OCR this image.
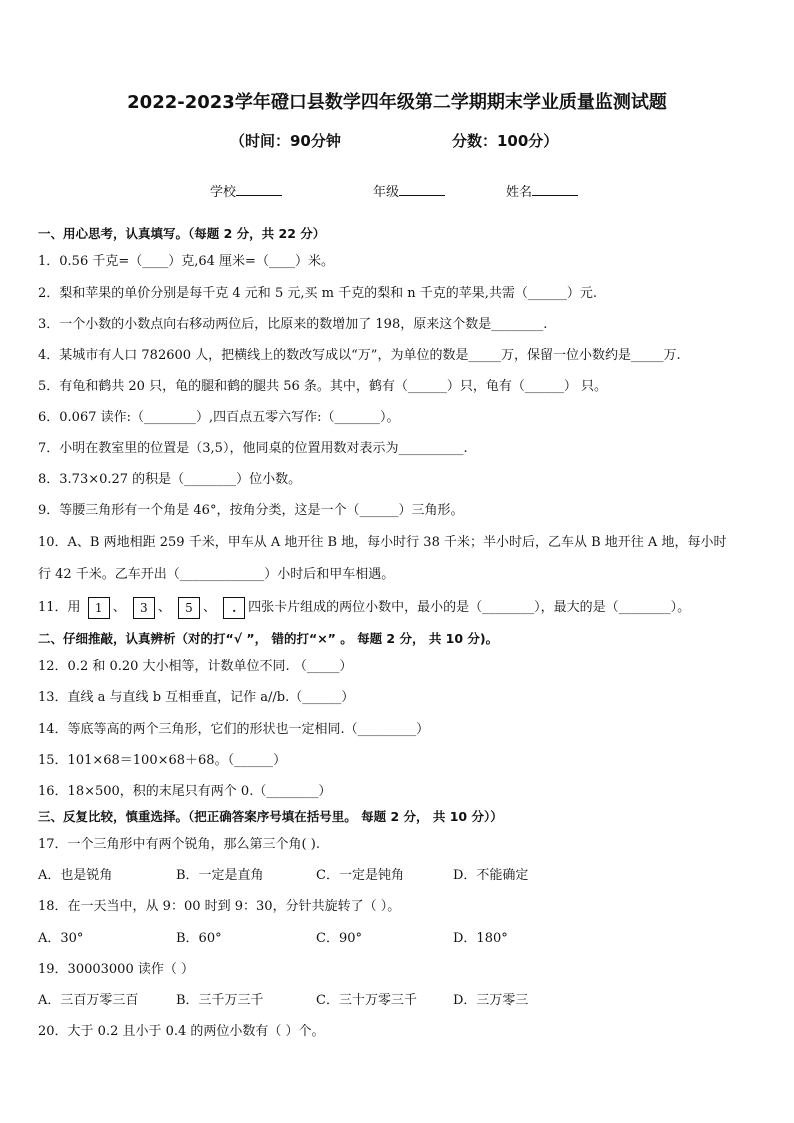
2022-2023学年磴口县数学四年级第二学期期末学业质量监测试题
（时间：90分钟	分数：100分）
学校	年级	姓名
一、用心思考，认真填写。（每题 2 分，共 22 分）
1．0.56 千克=（____）克,64 厘米=（____）米。
2．梨和苹果的单价分别是每千克 4 元和 5 元,买 m 千克的梨和 n 千克的苹果,共需（______）元.
3．一个小数的小数点向右移动两位后，比原来的数增加了 198，原来这个数是________.
4．某城市有人口 782600 人，把横线上的数改写成以“万”，为单位的数是_____万，保留一位小数约是_____万.
5．有龟和鹤共 20 只，龟的腿和鹤的腿共 56 条。其中，鹤有（______）只，龟有（______） 只。
6．0.067 读作:（________）,四百点五零六写作:（_______）。
7．小明在教室里的位置是（3,5），他同桌的位置用数对表示为__________.
8．3.73×0.27 的积是（________）位小数。
9．等腰三角形有一个角是 46°，按角分类，这是一个（______）三角形。
10．A、B 两地相距 259 千米，甲车从 A 地开往 B 地，每小时行 38 千米；半小时后，乙车从 B 地开往 A 地，每小时
行 42 千米。乙车开出（_____________）小时后和甲车相遇。
11．用 1 、 3 、 5 、 . 四张卡片组成的两位小数中，最小的是（________），最大的是（________）。
二、仔细推敲，认真辨析（对的打“√ ”， 错的打“×” 。 每题 2 分， 共 10 分)。
12．0.2 和 0.20 大小相等，计数单位不同. （_____）
13．直线 a 与直线 b 互相垂直，记作 a//b.（______）
14．等底等高的两个三角形，它们的形状也一定相同.（_________）
15．101×68＝100×68＋68。（______）
16．18×500，积的末尾只有两个 0.（________）
三、反复比较，慎重选择。（把正确答案序号填在括号里。 每题 2 分， 共 10 分））
17．一个三角形中有两个锐角，那么第三个角( ).
A．也是锐角	B．一定是直角	C．一定是钝角	D．不能确定
18．在一天当中，从 9：00 时到 9：30，分针共旋转了（ ）。
A．30°	B．60°	C．90°	D．180°
19．30003000 读作（ ）
A．三百万零三百	B．三千万三千	C．三十万零三千	D．三万零三
20．大于 0.2 且小于 0.4 的两位小数有（ ）个。
